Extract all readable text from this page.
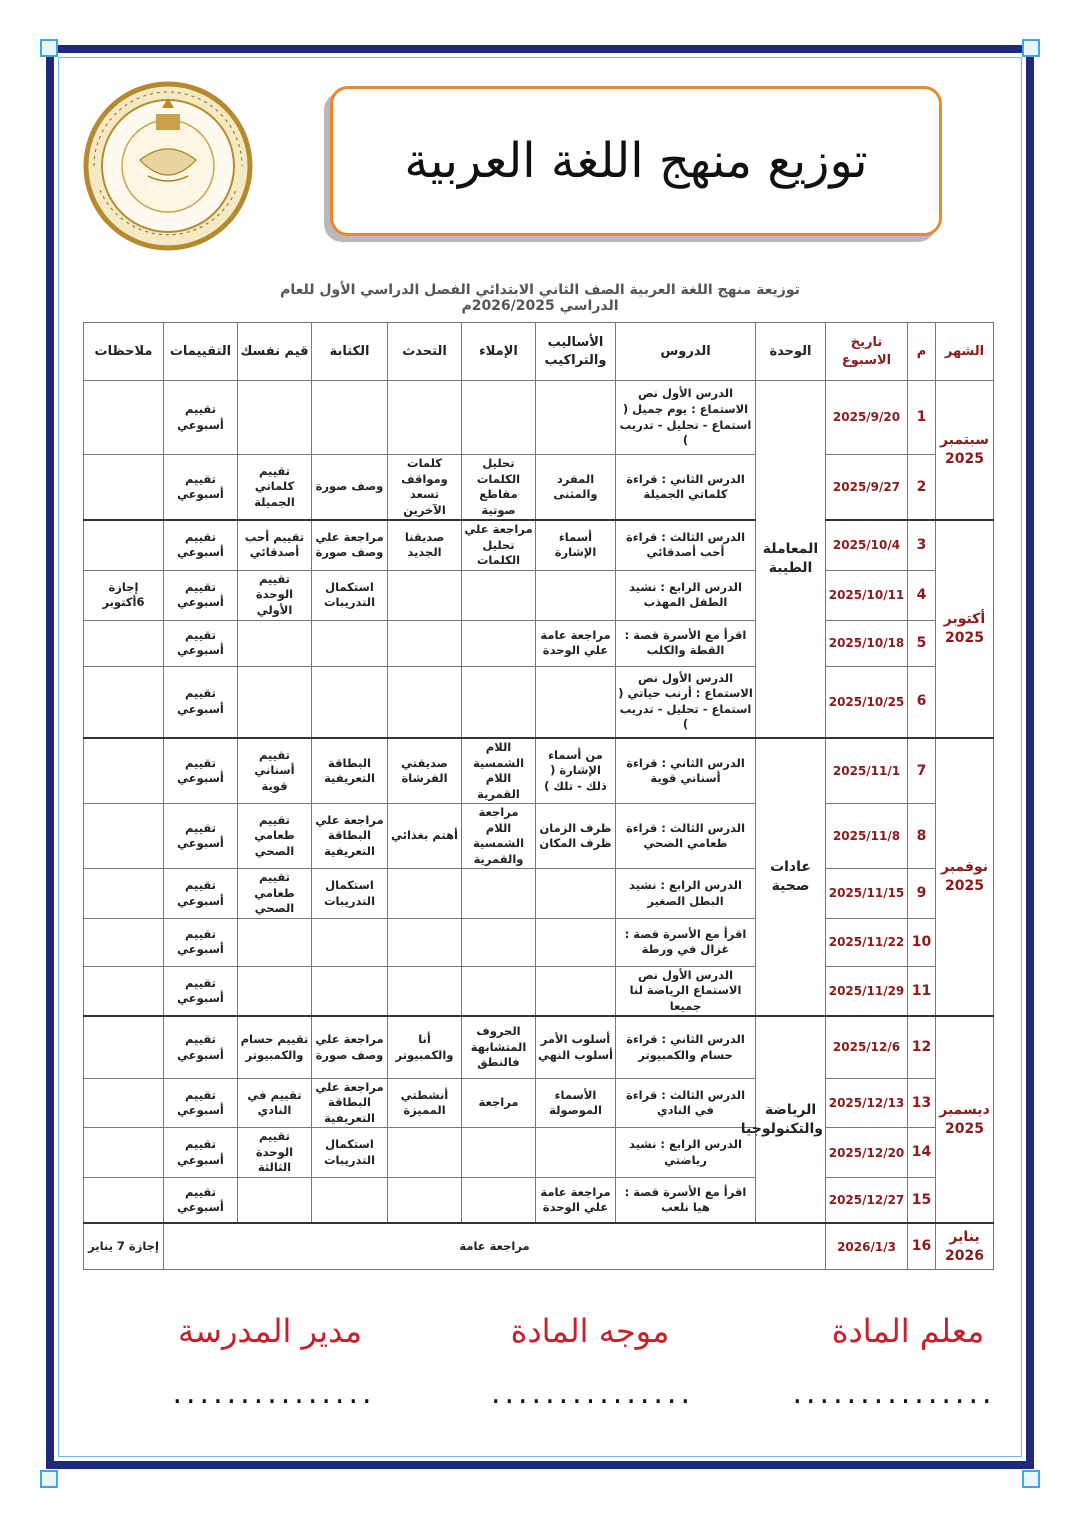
توزيع منهج اللغة العربية
توزيعة منهج اللغة العربية الصف الثاني الابتدائي الفصل الدراسي الأول للعام الدراسي 2026/2025م
الشهر	م	تاريخ الاسبوع	الوحدة	الدروس	الأساليب والتراكيب	الإملاء	التحدث	الكتابة	قيم نفسك	التقييمات	ملاحظات
سبتمبر 2025	1	2025/9/20	المعاملة الطيبة	الدرس الأول نص الاستماع : يوم جميل ( استماع - تحليل - تدريب )						تقييم أسبوعي	
	2	2025/9/27		الدرس الثاني : قراءة كلماتي الجميلة	المفرد والمثنى	تحليل الكلمات مقاطع صوتية	كلمات ومواقف تسعد الآخرين	وصف صورة	تقييم كلماتي الجميلة	تقييم أسبوعي	
أكتوبر 2025	3	2025/10/4		الدرس الثالث : قراءة أحب أصدقائي	أسماء الإشارة	مراجعة علي تحليل الكلمات	صديقنا الجديد	مراجعة علي وصف صورة	تقييم أحب أصدقائي	تقييم أسبوعي	
	4	2025/10/11		الدرس الرابع : نشيد الطفل المهذب				استكمال التدريبات	تقييم الوحدة الأولي	تقييم أسبوعي	إجازة 6أكتوبر
	5	2025/10/18		اقرأ مع الأسرة قصة : القطة والكلب	مراجعة عامة علي الوحدة					تقييم أسبوعي	
	6	2025/10/25		الدرس الأول نص الاستماع : أرنب حياتي ( استماع - تحليل - تدريب )						تقييم أسبوعي	
نوفمبر 2025	7	2025/11/1	عادات صحية	الدرس الثاني : قراءة أسناني قوية	من أسماء الإشارة ( ذلك - تلك )	اللام الشمسية اللام القمرية	صديقتي الفرشاة	البطاقة التعريفية	تقييم أسناني قوية	تقييم أسبوعي	
	8	2025/11/8		الدرس الثالث : قراءة طعامي الصحي	ظرف الزمان ظرف المكان	مراجعة اللام الشمسية والقمرية	أهتم بغذائي	مراجعة علي البطاقة التعريفية	تقييم طعامي الصحي	تقييم أسبوعي	
	9	2025/11/15		الدرس الرابع : نشيد البطل الصغير				استكمال التدريبات	تقييم طعامي الصحي	تقييم أسبوعي	
	10	2025/11/22		اقرأ مع الأسرة قصة : غزال في ورطة						تقييم أسبوعي	
	11	2025/11/29		الدرس الأول نص الاستماع الرياضة لنا جميعا						تقييم أسبوعي	
ديسمبر 2025	12	2025/12/6	الرياضة والتكنولوجيا	الدرس الثاني : قراءة حسام والكمبيوتر	أسلوب الأمر أسلوب النهي	الحروف المتشابهة فالنطق	أنا والكمبيوتر	مراجعة علي وصف صورة	تقييم حسام والكمبيوتر	تقييم أسبوعي	
	13	2025/12/13		الدرس الثالث : قراءة في النادي	الأسماء الموصولة	مراجعة	أنشطتي المميزة	مراجعة علي البطاقة التعريفية	تقييم في النادي	تقييم أسبوعي	
	14	2025/12/20		الدرس الرابع : نشيد رياضتي				استكمال التدريبات	تقييم الوحدة الثالثة	تقييم أسبوعي	
	15	2025/12/27		اقرأ مع الأسرة قصة : هيا نلعب	مراجعة عامة علي الوحدة					تقييم أسبوعي	
يناير 2026	16	2026/1/3	مراجعة عامة								إجازة 7 يناير
معلم المادة
موجه المادة
مدير المدرسة
...............
...............
...............
